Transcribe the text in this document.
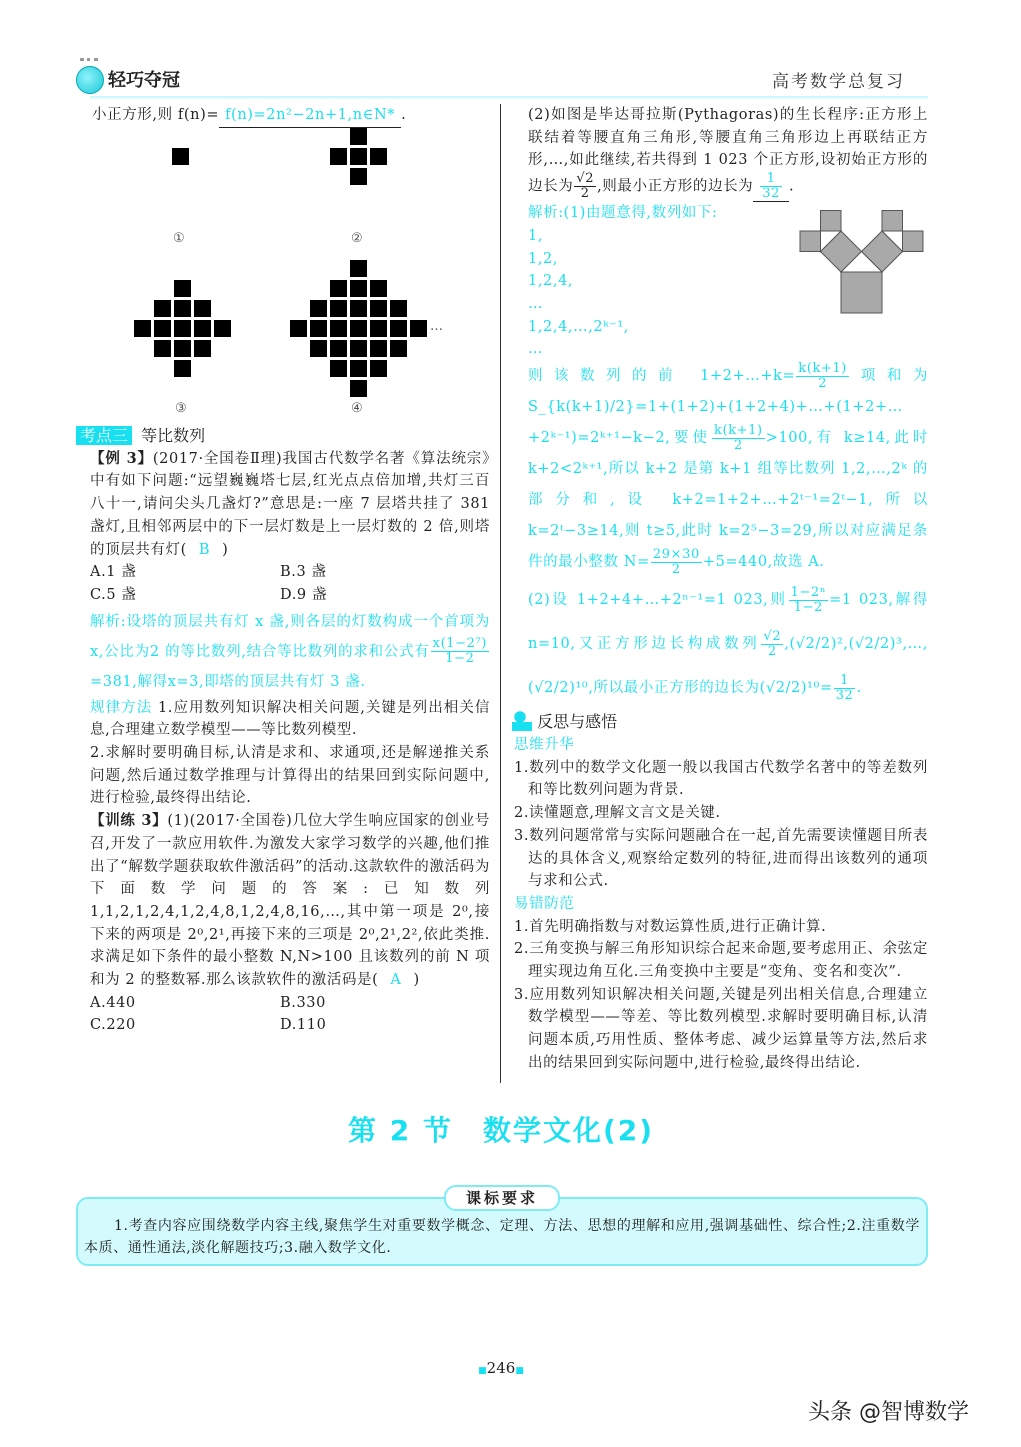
轻巧夺冠	高考数学总复习
小正方形,则 f(n)= f(n)=2n²−2n+1,n∈N* .
①	②
③	④
…
考点三 等比数列
【例 3】(2017·全国卷Ⅱ理)我国古代数学名著《算法统宗》中有如下问题:“远望巍巍塔七层,红光点点倍加增,共灯三百八十一,请问尖头几盏灯?”意思是:一座 7 层塔共挂了 381 盏灯,且相邻两层中的下一层灯数是上一层灯数的 2 倍,则塔的顶层共有灯( B )
A.1 盏	B.3 盏
C.5 盏	D.9 盏
解析:设塔的顶层共有灯 x 盏,则各层的灯数构成一个首项为 x,公比为2 的等比数列,结合等比数列的求和公式有 $\frac{\text{x(1−2⁷)}}{1-2}$
=381,解得x=3,即塔的顶层共有灯 3 盏.
规律方法 1.应用数列知识解决相关问题,关键是列出相关信息,合理建立数学模型——等比数列模型.
2.求解时要明确目标,认清是求和、求通项,还是解递推关系问题,然后通过数学推理与计算得出的结果回到实际问题中,进行检验,最终得出结论.
【训练 3】(1)(2017·全国卷)几位大学生响应国家的创业号召,开发了一款应用软件.为激发大家学习数学的兴趣,他们推出了“解数学题获取软件激活码”的活动.这款软件的激活码为下面数学问题的答案:已知数列 1,1,2,1,2,4,1,2,4,8,1,2,4,8,16,…,其中第一项是 2⁰,接下来的两项是 2⁰,2¹,再接下来的三项是 2⁰,2¹,2²,依此类推.求满足如下条件的最小整数 N,N>100 且该数列的前 N 项和为 2 的整数幂.那么该款软件的激活码是( A )
A.440	B.330
C.220	D.110
(2)如图是毕达哥拉斯(Pythagoras)的生长程序:正方形上联结着等腰直角三角形,等腰直角三角形边上再联结正方形,…,如此继续,若共得到 1 023 个正方形,设初始正方形的边长为 $\frac{√2}{2}$ ,则最小正方形的边长为 $\frac{1}{32}$ .
解析:(1)由题意得,数列如下:
1,
1,2,
1,2,4,
…
1,2,4,…,2ᵏ⁻¹,
…
则该数列的前 1+2+…+k= $\frac{k(k+1)}{2}$ 项和为 S_{k(k+1)/2}=1+(1+2)+(1+2+4)+…+(1+2+…+2ᵏ⁻¹)=2ᵏ⁺¹−k−2,要使 $\frac{k(k+1)}{2} >100$,有 k≥14,此时 k+2<2ᵏ⁺¹,所以 k+2 是第 k+1 组等比数列 1,2,…,2ᵏ 的部分和,设 k+2=1+2+…+2ᵗ⁻¹=2ᵗ−1,所以 k=2ᵗ−3≥14,则 t≥5,此时 k=2⁵−3=29,所以对应满足条件的最小整数 $N= \frac{29\times 30}{2} +5=440$,故选 A.
(2)设 1+2+4+…+2ⁿ⁻¹=1 023,则 $\frac{\text{1−2ⁿ}}{1-2} =1$ 023,解得 n=10,又正方形边长构成数列 $\frac{√2}{2}$ ,(√2/2)²,(√2/2)³,…,(√2/2)¹⁰,所以最小正方形的边长为$(√2/2)^{10}= \frac{1}{32}$ .
反思与感悟
思维升华
1.数列中的数学文化题一般以我国古代数学名著中的等差数列和等比数列问题为背景.
2.读懂题意,理解文言文是关键.
3.数列问题常常与实际问题融合在一起,首先需要读懂题目所表达的具体含义,观察给定数列的特征,进而得出该数列的通项与求和公式.
易错防范
1.首先明确指数与对数运算性质,进行正确计算.
2.三角变换与解三角形知识综合起来命题,要考虑用正、余弦定理实现边角互化.三角变换中主要是“变角、变名和变次”.
3.应用数列知识解决相关问题,关键是列出相关信息,合理建立数学模型——等差、等比数列模型.求解时要明确目标,认清问题本质,巧用性质、整体考虑、减少运算量等方法,然后求出的结果回到实际问题中,进行检验,最终得出结论.
第 2 节　数学文化(2)
课标要求
1.考查内容应围绕数学内容主线,聚焦学生对重要数学概念、定理、方法、思想的理解和应用,强调基础性、综合性;2.注重数学本质、通性通法,淡化解题技巧;3.融入数学文化.
■246■
头条 @智博数学
